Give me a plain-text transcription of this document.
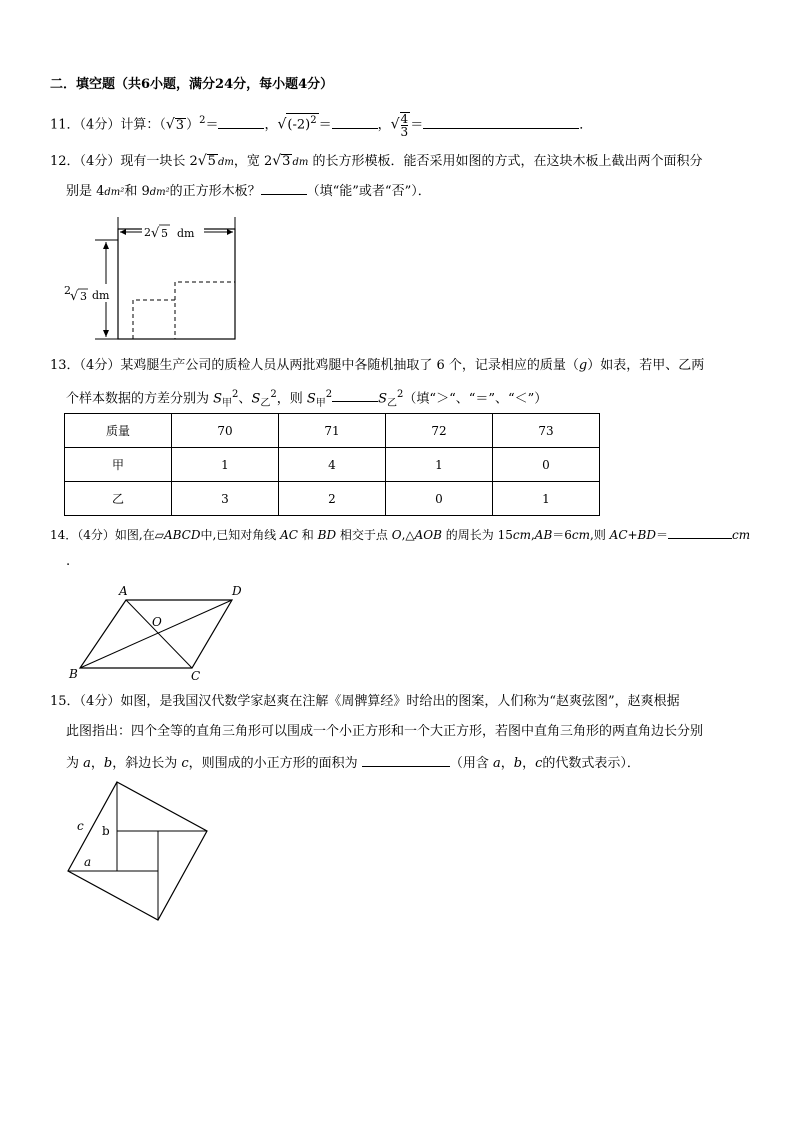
二．填空题（共6小题，满分24分，每小题4分）
11．（4分）计算：（√3 ）$^2$＝	，$√(-2)^2$ ＝	，√ $\frac{4}{3}$ ＝	．
12．（4分）现有一块长 2√5 dm，宽 2√3 dm 的长方形模板．能否采用如图的方式，在这块木板上截出两个面积分
别是 4dm²和 9dm²的正方形木板？	（填“能”或者“否”）．
2 √ 5 dm
2 √ 3 dm
13．（4分）某鸡腿生产公司的质检人员从两批鸡腿中各随机抽取了 6 个，记录相应的质量（g）如表，若甲、乙两
个样本数据的方差分别为 $S_甲^2$、$S_乙^2$，则 $S_甲^2$	$S_乙^2$（填“＞“、“＝”、“＜”）
质量	70	71	72	73
甲	1	4	1	0
乙	3	2	0	1
14．（4分）如图,在▱ABCD中,已知对角线 AC 和 BD 相交于点 O,△AOB 的周长为 15cm,AB＝6cm,则 AC+BD＝	cm
.
A	D
B	C
O
15．（4分）如图，是我国汉代数学家赵爽在注解《周髀算经》时给出的图案，人们称为“赵爽弦图”，赵爽根据
此图指出：四个全等的直角三角形可以围成一个小正方形和一个大正方形，若图中直角三角形的两直角边长分别
为 a，b，斜边长为 c，则围成的小正方形的面积为	（用含 a，b，c的代数式表示）．
c b
a
